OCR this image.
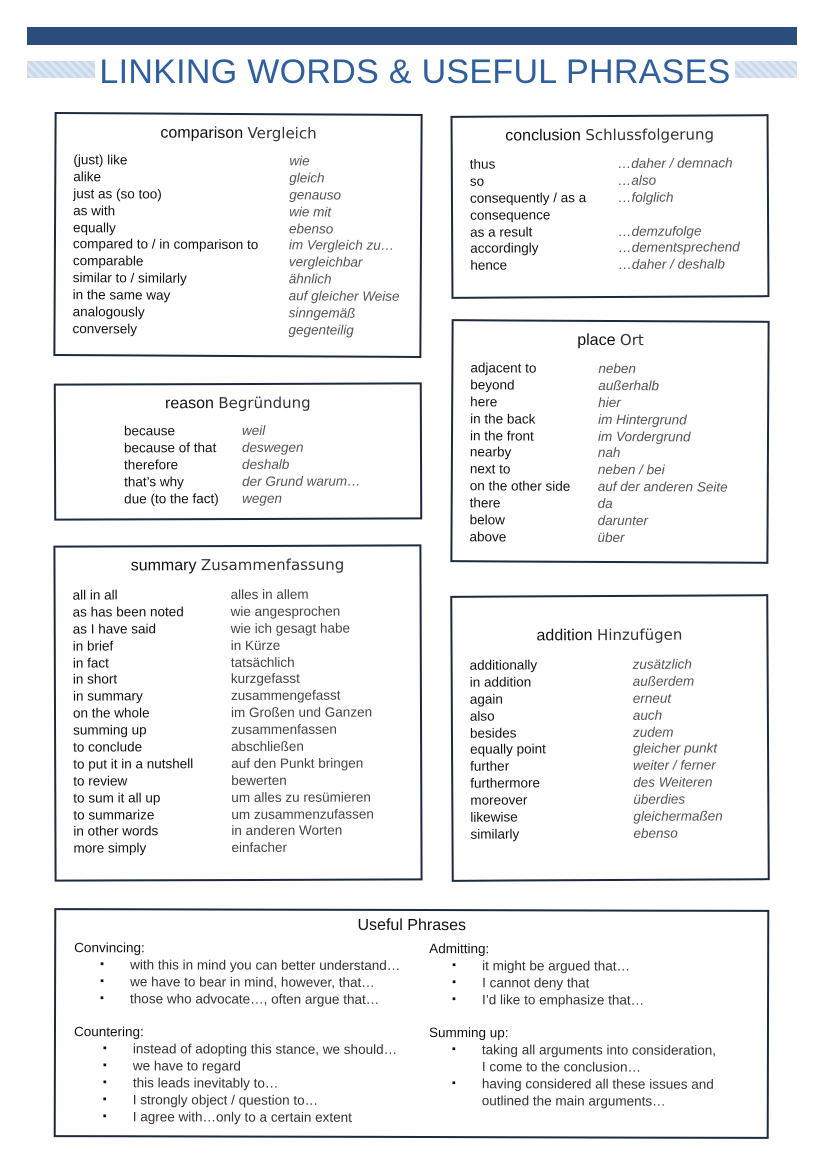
LINKING WORDS & USEFUL PHRASES
comparison Vergleich
(just) like	wie
alike	gleich
just as (so too)	genauso
as with	wie mit
equally	ebenso
compared to / in comparison to	im Vergleich zu…
comparable	vergleichbar
similar to / similarly	ähnlich
in the same way	auf gleicher Weise
analogously	sinngemäß
conversely	gegenteilig
conclusion Schlussfolgerung
thus	…daher / demnach
so	…also
consequently / as a	…folglich
consequence
as a result	…demzufolge
accordingly	…dementsprechend
hence	…daher / deshalb
reason Begründung
because	weil
because of that	deswegen
therefore	deshalb
that’s why	der Grund warum…
due (to the fact)	wegen
place Ort
adjacent to	neben
beyond	außerhalb
here	hier
in the back	im Hintergrund
in the front	im Vordergrund
nearby	nah
next to	neben / bei
on the other side	auf der anderen Seite
there	da
below	darunter
above	über
summary Zusammenfassung
all in all	alles in allem
as has been noted	wie angesprochen
as I have said	wie ich gesagt habe
in brief	in Kürze
in fact	tatsächlich
in short	kurzgefasst
in summary	zusammengefasst
on the whole	im Großen und Ganzen
summing up	zusammenfassen
to conclude	abschließen
to put it in a nutshell	auf den Punkt bringen
to review	bewerten
to sum it all up	um alles zu resümieren
to summarize	um zusammenzufassen
in other words	in anderen Worten
more simply	einfacher
addition Hinzufügen
additionally	zusätzlich
in addition	außerdem
again	erneut
also	auch
besides	zudem
equally point	gleicher punkt
further	weiter / ferner
furthermore	des Weiteren
moreover	überdies
likewise	gleichermaßen
similarly	ebenso
Useful Phrases
Convincing:
▪ with this in mind you can better understand…
▪ we have to bear in mind, however, that…
▪ those who advocate…, often argue that…
Countering:
▪ instead of adopting this stance, we should…
▪ we have to regard
▪ this leads inevitably to…
▪ I strongly object / question to…
▪ I agree with…only to a certain extent
Admitting:
▪ it might be argued that…
▪ I cannot deny that
▪ I’d like to emphasize that…
Summing up:
▪ taking all arguments into consideration, I come to the conclusion…
▪ having considered all these issues and outlined the main arguments…
